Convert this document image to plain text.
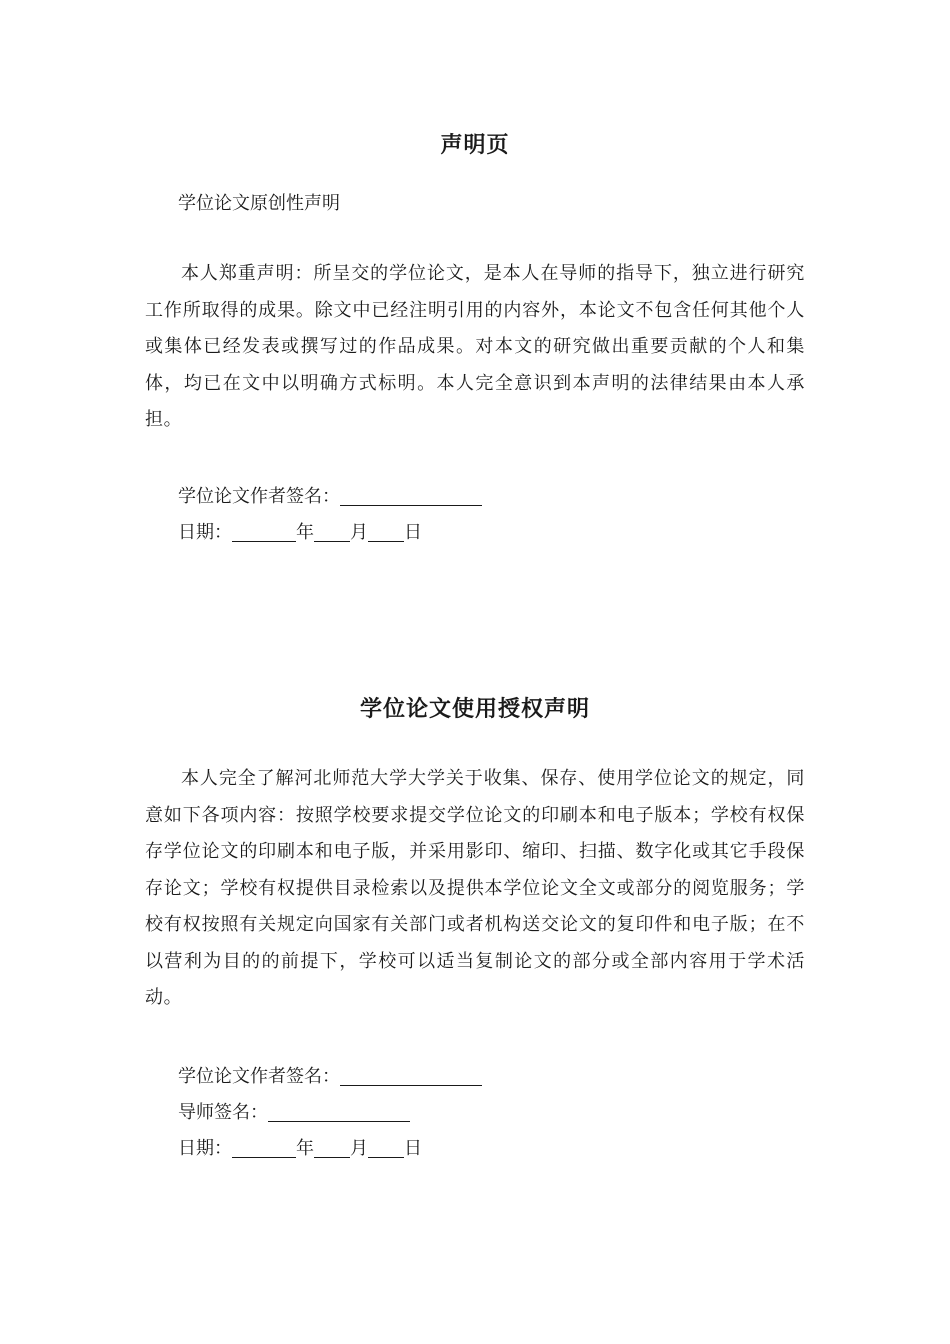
声明页
学位论文原创性声明
本人郑重声明：所呈交的学位论文，是本人在导师的指导下，独立进行研究工作所取得的成果。除文中已经注明引用的内容外，本论文不包含任何其他个人或集体已经发表或撰写过的作品成果。对本文的研究做出重要贡献的个人和集体，均已在文中以明确方式标明。本人完全意识到本声明的法律结果由本人承担。
学位论文作者签名：
日期：	年 月 日
学位论文使用授权声明
本人完全了解河北师范大学大学关于收集、保存、使用学位论文的规定，同意如下各项内容：按照学校要求提交学位论文的印刷本和电子版本；学校有权保存学位论文的印刷本和电子版，并采用影印、缩印、扫描、数字化或其它手段保存论文；学校有权提供目录检索以及提供本学位论文全文或部分的阅览服务；学校有权按照有关规定向国家有关部门或者机构送交论文的复印件和电子版；在不以营利为目的的前提下，学校可以适当复制论文的部分或全部内容用于学术活动。
学位论文作者签名：
导师签名：
日期：	年 月 日
